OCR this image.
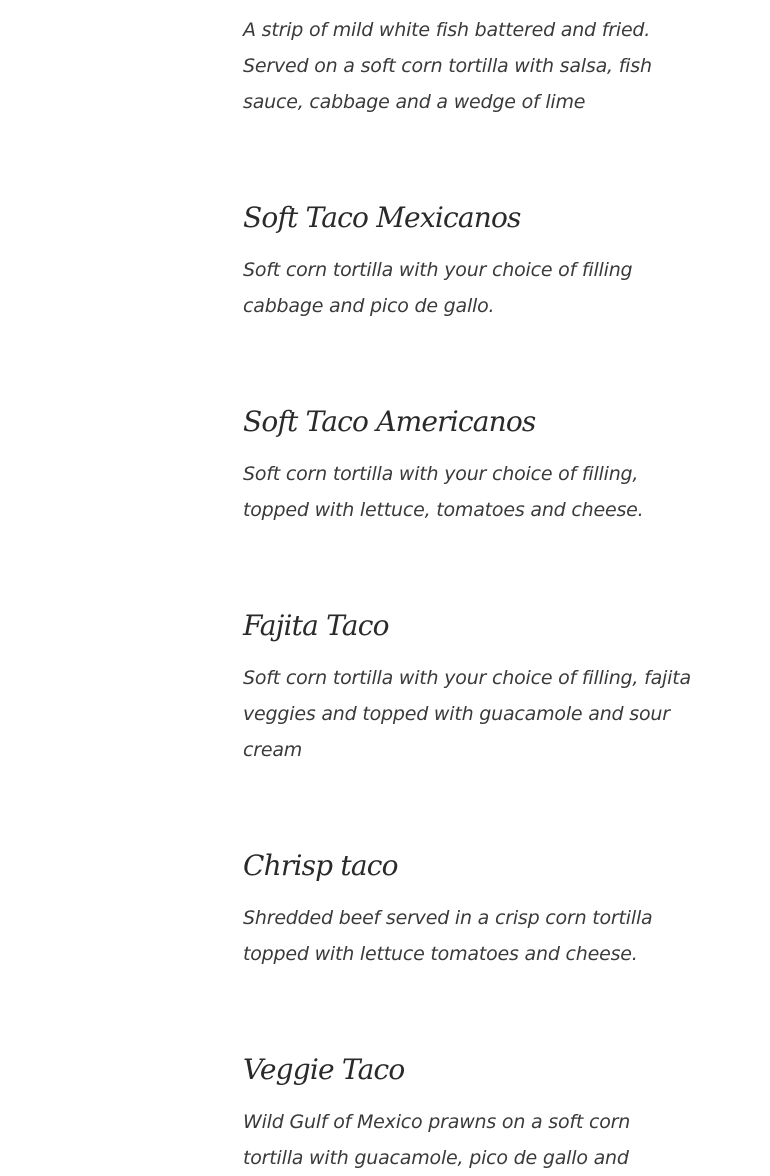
A strip of mild white fish battered and fried. Served on a soft corn tortilla with salsa, fish sauce, cabbage and a wedge of lime

Soft Taco Mexicanos

Soft corn tortilla with your choice of filling cabbage and pico de gallo.

Soft Taco Americanos

Soft corn tortilla with your choice of filling, topped with lettuce, tomatoes and cheese.

Fajita Taco

Soft corn tortilla with your choice of filling, fajita veggies and topped with guacamole and sour cream

Chrisp taco

Shredded beef served in a crisp corn tortilla topped with lettuce tomatoes and cheese.

Veggie Taco

Wild Gulf of Mexico prawns on a soft corn tortilla with guacamole, pico de gallo and
